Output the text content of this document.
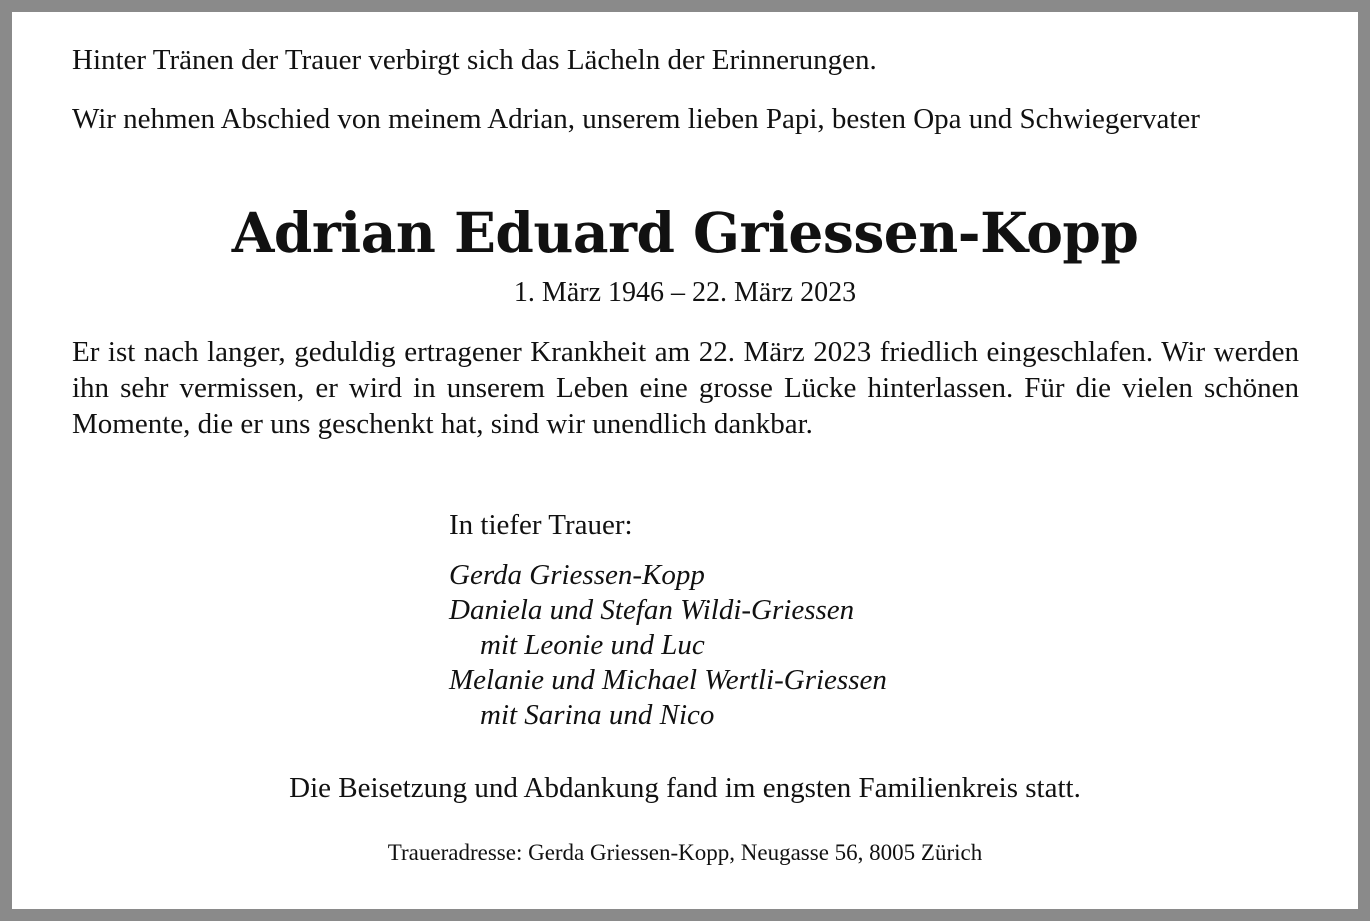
Hinter Tränen der Trauer verbirgt sich das Lächeln der Erinnerungen.

Wir nehmen Abschied von meinem Adrian, unserem lieben Papi, besten Opa und Schwiegervater

Adrian Eduard Griessen-Kopp

1. März 1946 – 22. März 2023

Er ist nach langer, geduldig ertragener Krankheit am 22. März 2023 friedlich eingeschlafen. Wir werden ihn sehr vermissen, er wird in unserem Leben eine grosse Lücke hinterlassen. Für die vielen schönen Momente, die er uns geschenkt hat, sind wir unendlich dankbar.

In tiefer Trauer:

Gerda Griessen-Kopp
Daniela und Stefan Wildi-Griessen
mit Leonie und Luc
Melanie und Michael Wertli-Griessen
mit Sarina und Nico

Die Beisetzung und Abdankung fand im engsten Familienkreis statt.

Traueradresse: Gerda Griessen-Kopp, Neugasse 56, 8005 Zürich
